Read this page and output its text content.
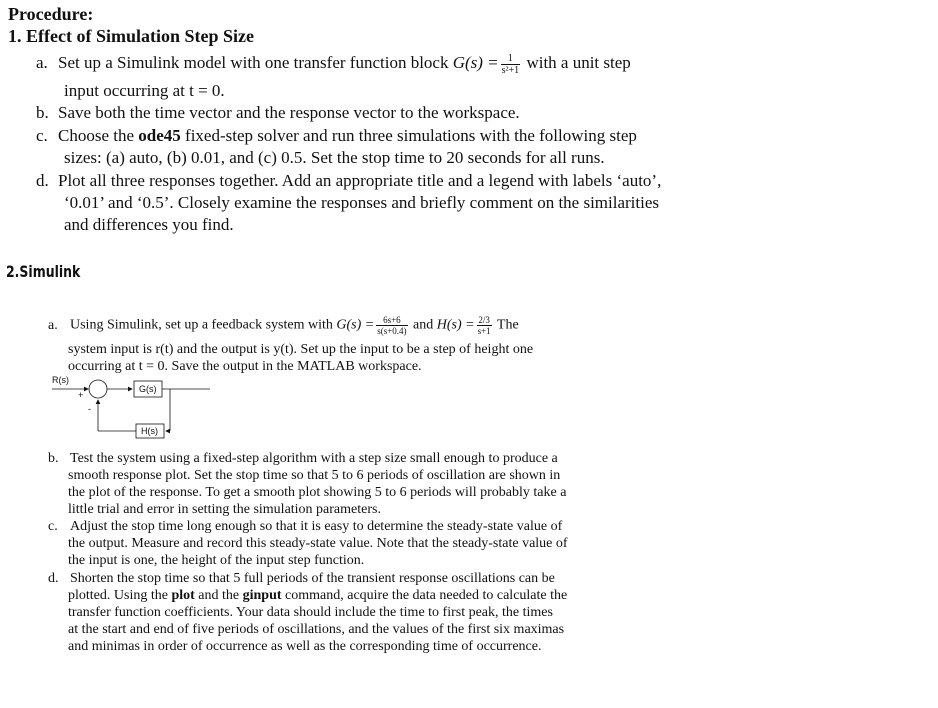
Procedure:
1. Effect of Simulation Step Size
a. Set up a Simulink model with one transfer function block $G(s) = \frac{1}{\text{s²+1}}$ with a unit step
input occurring at t = 0.
b. Save both the time vector and the response vector to the workspace.
c. Choose the ode45 fixed-step solver and run three simulations with the following step
sizes: (a) auto, (b) 0.01, and (c) 0.5. Set the stop time to 20 seconds for all runs.
d. Plot all three responses together. Add an appropriate title and a legend with labels ‘auto’,
‘0.01’ and ‘0.5’. Closely examine the responses and briefly comment on the similarities
and differences you find.
2.Simulink
a. Using Simulink, set up a feedback system with $G(s) = \frac{6s+6}{s(s+0.4)}$ and $H(s) = \frac{2/3}{s+1}$ The
system input is r(t) and the output is y(t). Set up the input to be a step of height one
occurring at t = 0. Save the output in the MATLAB workspace.
R(s)
+
G(s)
H(s)
-
b. Test the system using a fixed-step algorithm with a step size small enough to produce a
smooth response plot. Set the stop time so that 5 to 6 periods of oscillation are shown in
the plot of the response. To get a smooth plot showing 5 to 6 periods will probably take a
little trial and error in setting the simulation parameters.
c. Adjust the stop time long enough so that it is easy to determine the steady-state value of
the output. Measure and record this steady-state value. Note that the steady-state value of
the input is one, the height of the input step function.
d. Shorten the stop time so that 5 full periods of the transient response oscillations can be
plotted. Using the plot and the ginput command, acquire the data needed to calculate the
transfer function coefficients. Your data should include the time to first peak, the times
at the start and end of five periods of oscillations, and the values of the first six maximas
and minimas in order of occurrence as well as the corresponding time of occurrence.
